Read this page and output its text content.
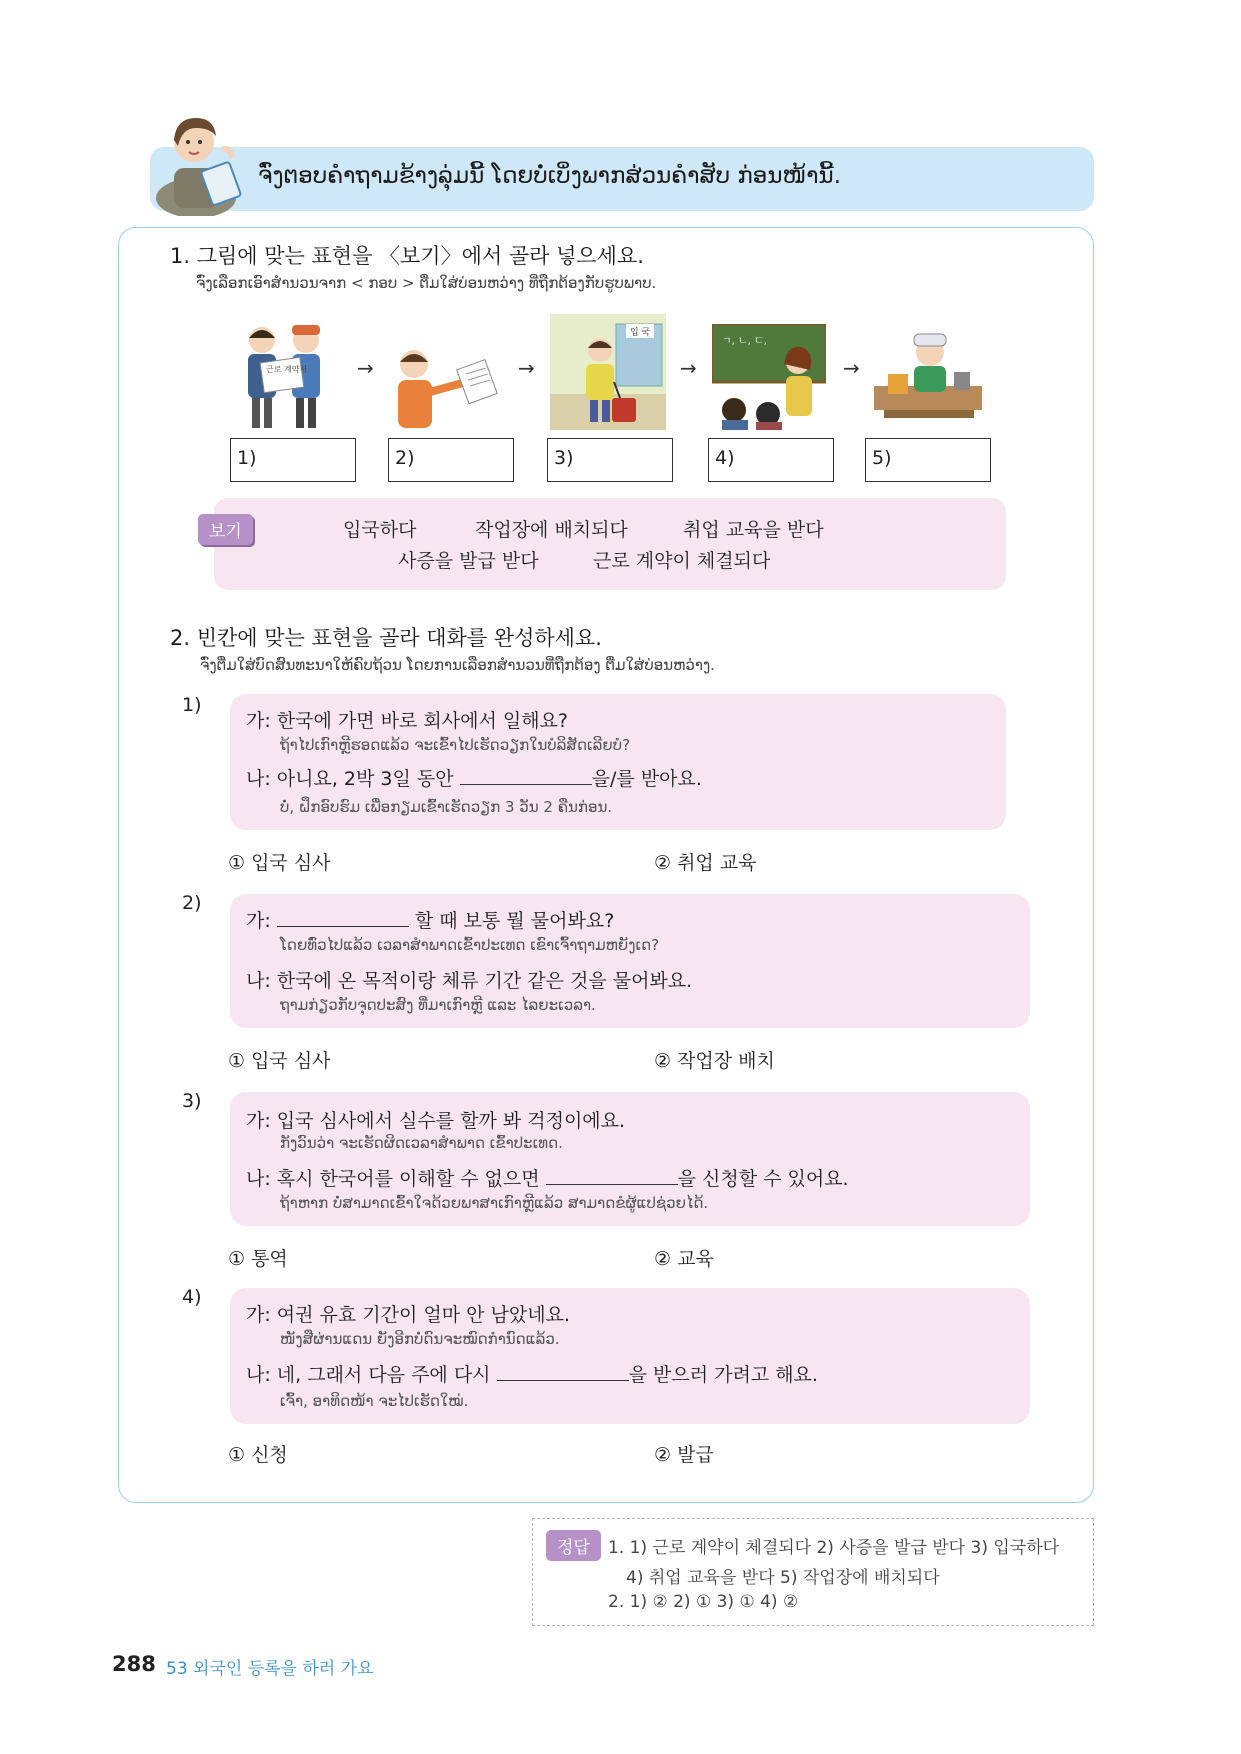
ຈົ່ງຕອບຄຳຖາມຂ້າງລຸ່ມນີ້ ໂດຍບໍ່ເບິ່ງພາກສ່ວນຄຳສັບ ກ່ອນໜ້ານີ້.
1. 그림에 맞는 표현을 〈보기〉에서 골라 넣으세요.
ຈົ່ງເລືອກເອົາສຳນວນຈາກ < ກອບ > ຕື່ມໃສ່ບ່ອນຫວ່າງ ທີ່ຖືກຕ້ອງກັບຮູບພາບ.
근로 계약서 →	→
입 국
→
ㄱ, ㄴ, ㄷ,
→
1)	2)	3)	4)	5)
보기	입국하다	작업장에 배치되다	취업 교육을 받다
사증을 발급 받다	근로 계약이 체결되다
2. 빈칸에 맞는 표현을 골라 대화를 완성하세요.
ຈົ່ງຕື່ມໃສ່ບົດສົນທະນາໃຫ້ຄົບຖ້ວນ ໂດຍການເລືອກສຳນວນທີ່ຖືກຕ້ອງ ຕື່ມໃສ່ບ່ອນຫວ່າງ.
1)
가: 한국에 가면 바로 회사에서 일해요?
ຖ້າໄປເກົາຫຼີຮອດແລ້ວ ຈະເຂົ້າໄປເຮັດວຽກໃນບໍລິສັດເລີຍບໍ?
나: 아니요, 2박 3일 동안	을/를 받아요.
ບໍ່, ຝຶກອົບຮົມ ເພື່ອກຽມເຂົ້າເຮັດວຽກ 3 ວັນ 2 ຄືນກ່ອນ.
① 입국 심사	② 취업 교육
2)
가:	할 때 보통 뭘 물어봐요?
ໂດຍທົ່ວໄປແລ້ວ ເວລາສຳພາດເຂົ້າປະເທດ ເຂົາເຈົ້າຖາມຫຍັງເດ?
나: 한국에 온 목적이랑 체류 기간 같은 것을 물어봐요.
ຖາມກ່ຽວກັບຈຸດປະສົງ ທີ່ມາເກົາຫຼີ ແລະ ໄລຍະເວລາ.
① 입국 심사	② 작업장 배치
3)
가: 입국 심사에서 실수를 할까 봐 걱정이에요.
ກັງວົນວ່າ ຈະເຮັດຜິດເວລາສຳພາດ ເຂົ້າປະເທດ.
나: 혹시 한국어를 이해할 수 없으면	을 신청할 수 있어요.
ຖ້າຫາກ ບໍ່ສາມາດເຂົ້າໃຈດ້ວຍພາສາເກົາຫຼີແລ້ວ ສາມາດຂໍຜູ້ແປຊ່ວຍໄດ້.
① 통역	② 교육
4)
가: 여권 유효 기간이 얼마 안 남았네요.
ໜັງສືຜ່ານແດນ ຍັງອີກບໍ່ດົນຈະໝົດກຳນົດແລ້ວ.
나: 네, 그래서 다음 주에 다시	을 받으러 가려고 해요.
ເຈົ້າ, ອາທິດໜ້າ ຈະໄປເຮັດໃໝ່.
① 신청	② 발급
정답	1. 1) 근로 계약이 체결되다 2) 사증을 발급 받다 3) 입국하다
4) 취업 교육을 받다 5) 작업장에 배치되다
2. 1) ② 2) ① 3) ① 4) ②
288 53 외국인 등록을 하러 가요
